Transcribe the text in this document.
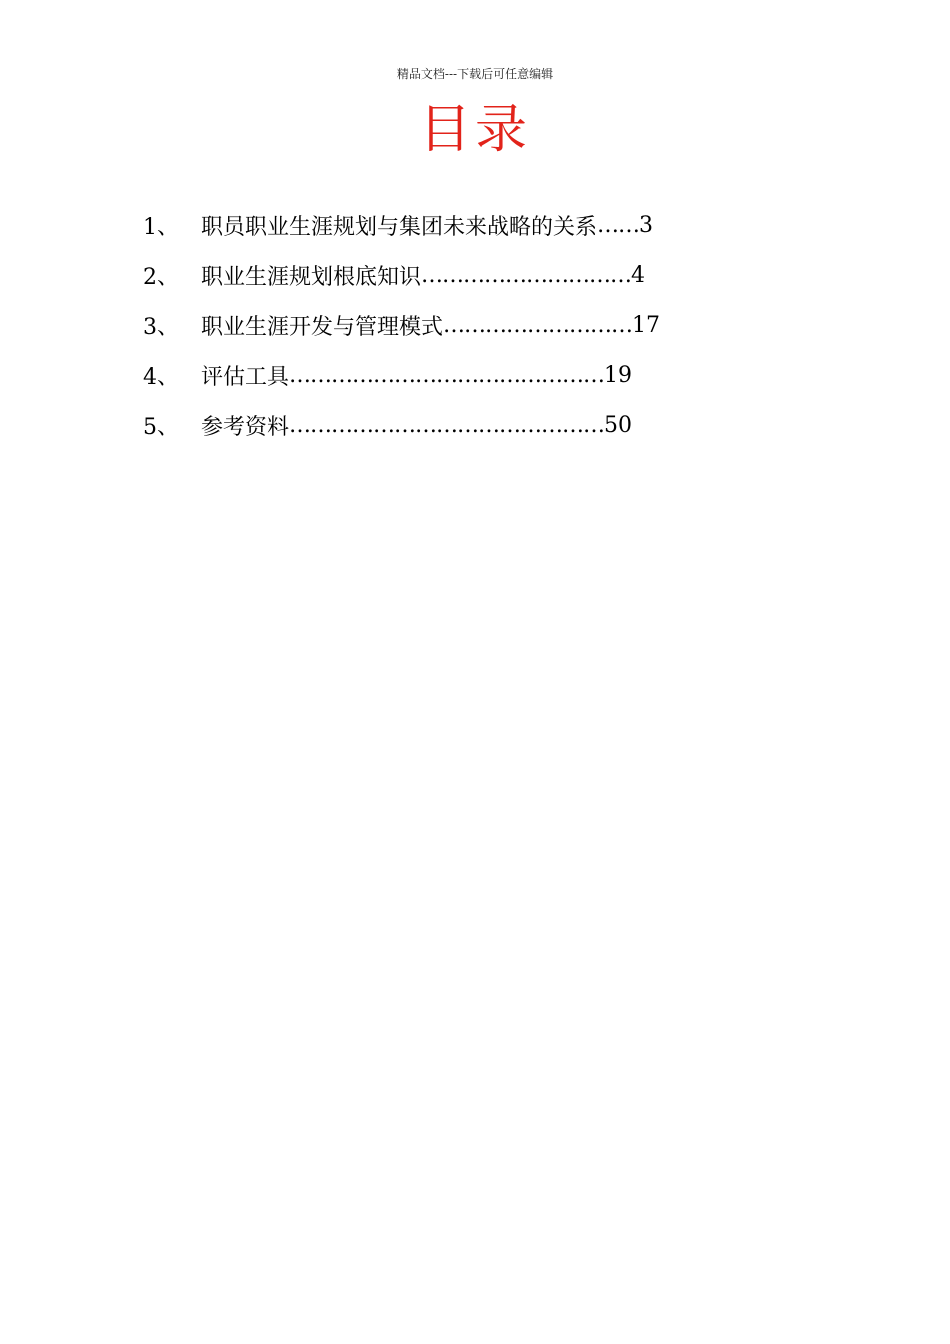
精品文档---下载后可任意编辑
目录
1、	职员职业生涯规划与集团未来战略的关系 …… 3
2、	职业生涯规划根底知识 ………………………… 4
3、	职业生涯开发与管理模式 ……………………… 17
4、	评估工具 ……………………………………… 19
5、	参考资料 ……………………………………… 50
